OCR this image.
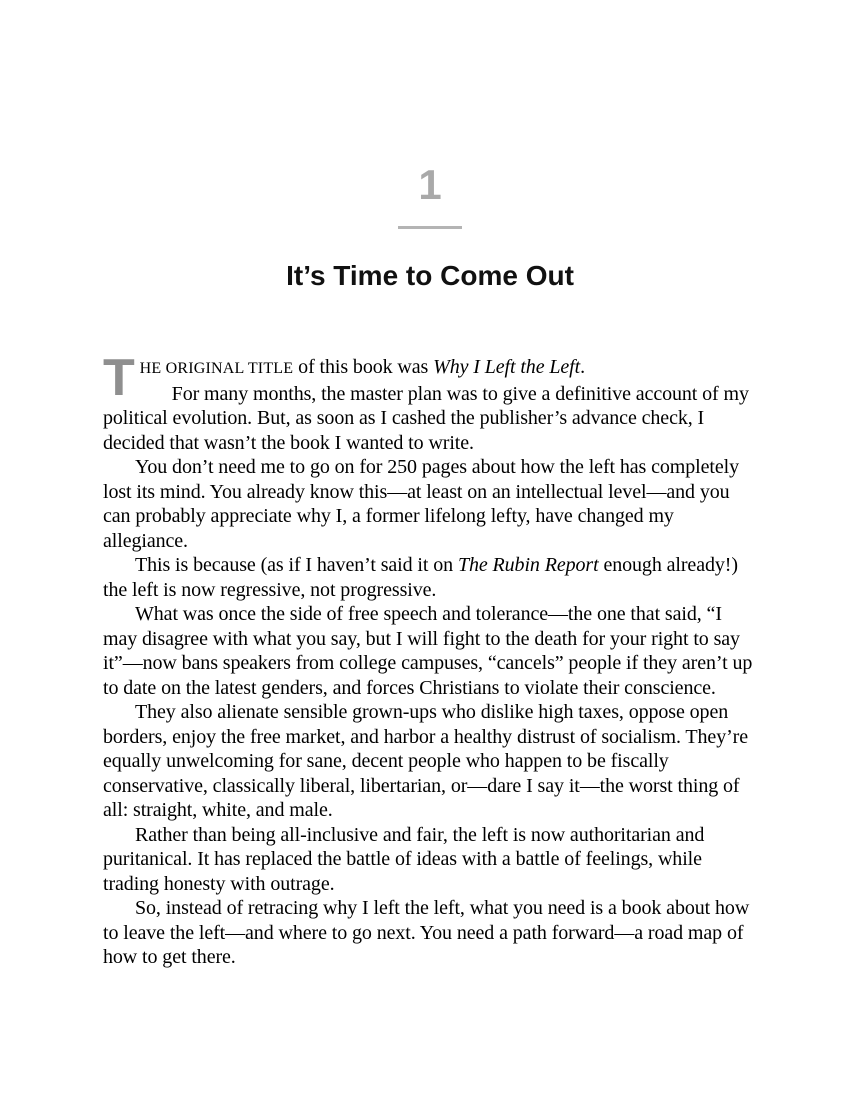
1
It’s Time to Come Out

THE ORIGINAL TITLE of this book was Why I Left the Left.

For many months, the master plan was to give a definitive account of my political evolution. But, as soon as I cashed the publisher’s advance check, I decided that wasn’t the book I wanted to write.

You don’t need me to go on for 250 pages about how the left has completely lost its mind. You already know this—at least on an intellectual level—and you can probably appreciate why I, a former lifelong lefty, have changed my allegiance.

This is because (as if I haven’t said it on The Rubin Report enough already!) the left is now regressive, not progressive.

What was once the side of free speech and tolerance—the one that said, “I may disagree with what you say, but I will fight to the death for your right to say it”—now bans speakers from college campuses, “cancels” people if they aren’t up to date on the latest genders, and forces Christians to violate their conscience.

They also alienate sensible grown-ups who dislike high taxes, oppose open borders, enjoy the free market, and harbor a healthy distrust of socialism. They’re equally unwelcoming for sane, decent people who happen to be fiscally conservative, classically liberal, libertarian, or—dare I say it—the worst thing of all: straight, white, and male.

Rather than being all-inclusive and fair, the left is now authoritarian and puritanical. It has replaced the battle of ideas with a battle of feelings, while trading honesty with outrage.

So, instead of retracing why I left the left, what you need is a book about how to leave the left—and where to go next. You need a path forward—a road map of how to get there.
